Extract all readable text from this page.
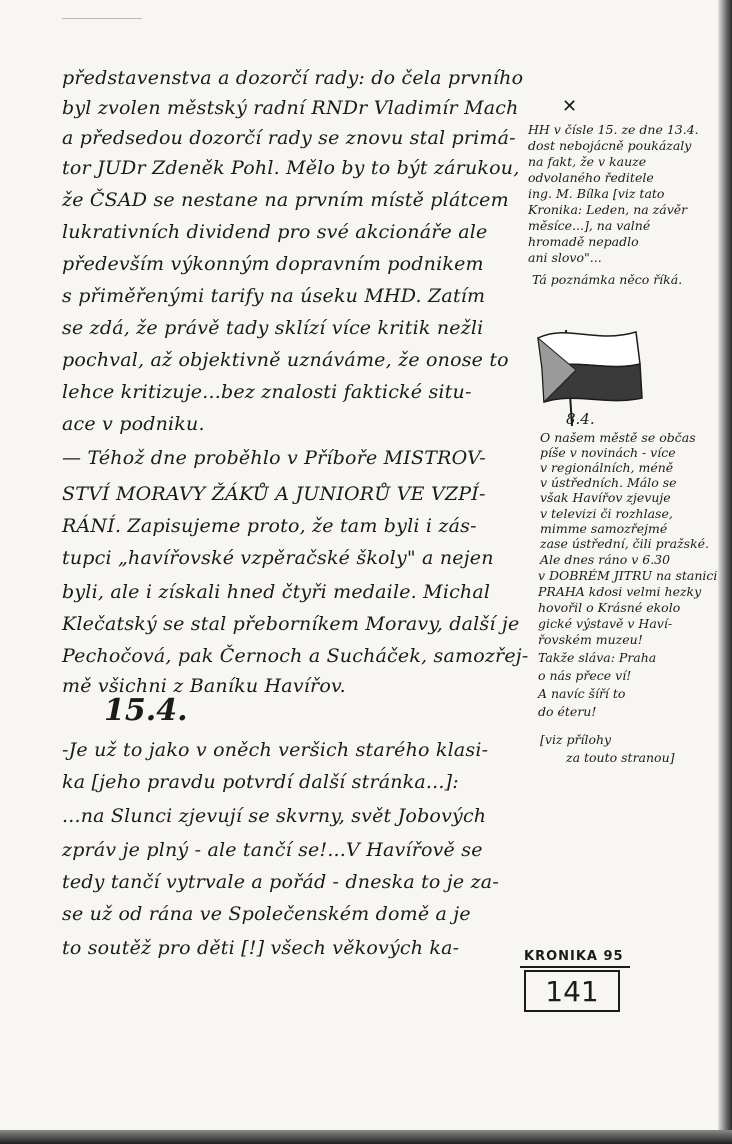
představenstva a dozorčí rady: do čela prvního
byl zvolen městský radní RNDr Vladimír Mach
a předsedou dozorčí rady se znovu stal primá-
tor JUDr Zdeněk Pohl. Mělo by to být zárukou,
že ČSAD se nestane na prvním místě plátcem
lukrativních dividend pro své akcionáře ale
především výkonným dopravním podnikem
s přiměřenými tarify na úseku MHD. Zatím
se zdá, že právě tady sklízí více kritik nežli
pochval, až objektivně uznáváme, že onose to
lehce kritizuje...bez znalosti faktické situ-
ace v podniku.
— Téhož dne proběhlo v Příboře MISTROV-
STVÍ MORAVY ŽÁKŮ A JUNIORŮ VE VZPÍ-
RÁNÍ. Zapisujeme proto, že tam byli i zás-
tupci „havířovské vzpěračské školy" a nejen
byli, ale i získali hned čtyři medaile. Michal
Klečatský se stal přeborníkem Moravy, další je
Pechočová, pak Černoch a Sucháček, samozřej-
mě všichni z Baníku Havířov.
15.4.
-Je už to jako v oněch veršich starého klasi-
ka [jeho pravdu potvrdí další stránka...]:
...na Slunci zjevují se skvrny, svět Jobových
zpráv je plný - ale tančí se!...V Havířově se
tedy tančí vytrvale a pořád - dneska to je za-
se už od rána ve Společenském domě a je
to soutěž pro děti [!] všech věkových ka-
✕
HH v čísle 15. ze dne 13.4.
dost nebojácně poukázaly
na fakt, že v kauze
odvolaného ředitele
ing. M. Bílka [viz tato
Kronika: Leden, na závěr
měsíce...], na valné
hromadě nepadlo
ani slovo"...
Tá poznámka něco říká.
8.4.
O našem městě se občas
píše v novinách - více
v regionálních, méně
v ústředních. Málo se
však Havířov zjevuje
v televizi či rozhlase,
mimme samozřejmé
zase ústřední, čili pražské.
Ale dnes ráno v 6.30
v DOBRÉM JITRU na stanici
PRAHA kdosi velmi hezky
hovořil o Krásné ekolo
gické výstavě v Haví-
řovském muzeu!
Takže sláva: Praha
o nás přece ví!
A navíc šíří to
do éteru!
[viz přílohy
za touto stranou]
KRONIKA 95
141
